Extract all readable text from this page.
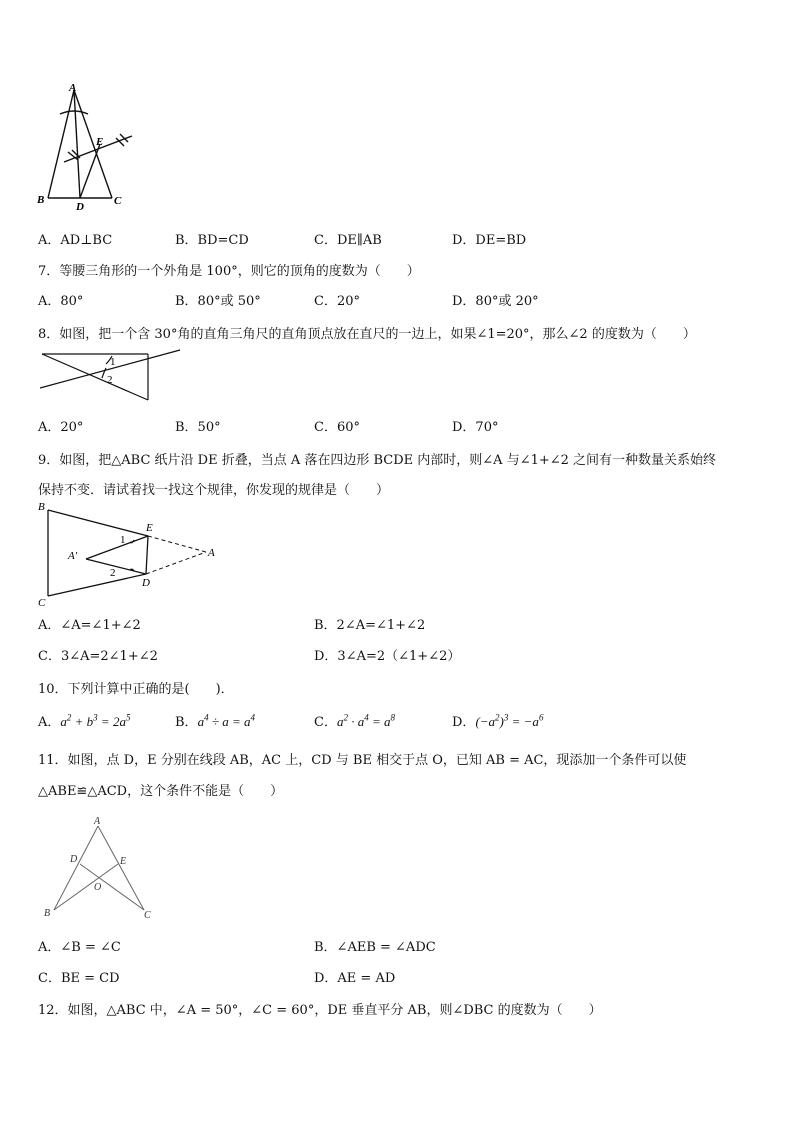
A
B	C
D
E
A．AD⊥BC	B．BD=CD	C．DE∥AB	D．DE=BD
7．等腰三角形的一个外角是 100°，则它的顶角的度数为（　　）
A．80°	B．80°或 50°	C．20°	D．80°或 20°
8．如图，把一个含 30°角的直角三角尺的直角顶点放在直尺的一边上，如果∠1=20°，那么∠2 的度数为（　　）
1
2
A．20°	B．50°	C．60°	D．70°
9．如图，把△ABC 纸片沿 DE 折叠，当点 A 落在四边形 BCDE 内部时，则∠A 与∠1+∠2 之间有一种数量关系始终
保持不变．请试着找一找这个规律，你发现的规律是（　　）
B
C
E
D
A
A′
1
2
A．∠A=∠1+∠2	B．2∠A=∠1+∠2
C．3∠A=2∠1+∠2	D．3∠A=2（∠1+∠2）
10．下列计算中正确的是(　　)．
A．$a^2 + b^3 = 2a^5$	B．$a^4 \div a = a^4$	C．$a^2 \cdot a^4 = a^8$	D．$(-a^2)^3 = -a^6$
11．如图，点 D，E 分别在线段 AB，AC 上，CD 与 BE 相交于点 O，已知 AB = AC，现添加一个条件可以使
△ABE≌△ACD，这个条件不能是（　　）
A
B	C
D	E
O
A．∠B = ∠C	B．∠AEB = ∠ADC
C．BE = CD	D．AE = AD
12．如图，△ABC 中，∠A = 50°，∠C = 60°，DE 垂直平分 AB，则∠DBC 的度数为（　　）
